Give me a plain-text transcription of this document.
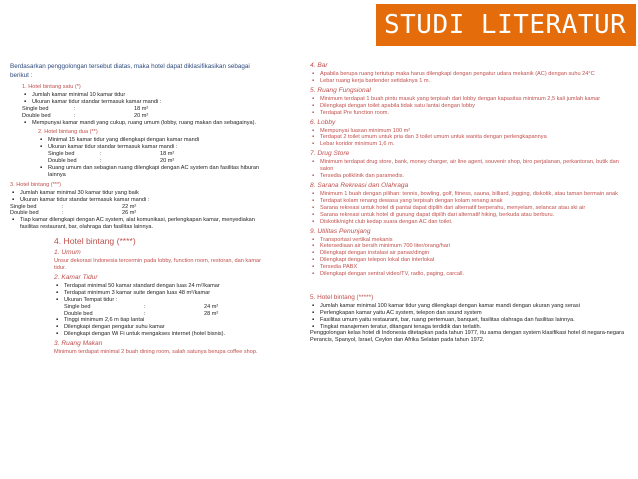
STUDI LITERATUR
Berdasarkan penggolongan tersebut diatas, maka hotel dapat diklasifikasikan sebagai berikut :
1. Hotel bintang satu (*)
▪ Jumlah kamar minimal 10 kamar tidur
▪ Ukuran kamar tidur standar termasuk kamar mandi :
Single bed	:	18 m²
Double bed	:	20 m²
▪ Mempunyai kamar mandi yang cukup, ruang umum (lobby, ruang makan dan sebagainya).
2. Hotel bintang dua (**)
▪ Minimal 15 kamar tidur yang dilengkapi dengan kamar mandi
▪ Ukuran kamar tidur standar termasuk kamar mandi :
Single bed	:	18 m²
Double bed	:	20 m²
▪ Ruang umum dan sebagian ruang dilengkapi dengan AC system dan fasilitas hiburan lainnya
3. Hotel bintang (***)
▪ Jumlah kamar minimal 30 kamar tidur yang baik
▪ Ukuran kamar tidur standar termasuk kamar mandi :
Single bed	:	22 m²
Double bed	:	26 m²
▪ Tiap kamar dilengkapi dengan AC system, alat komunikasi, perlengkapan kamar, menyediakan fasilitas restaurant, bar, olahraga dan fasilitas lainnya.
4. Hotel bintang (****)
1. Umum
Unsur dekorasi Indonesia tercermin pada lobby, function room, restoran, dan kamar tidur.
2. Kamar Tidur
▪ Terdapat minimal 50 kamar standard dengan luas 24 m²/kamar
▪ Terdapat minimum 3 kamar suite dengan luas 48 m²/kamar
▪ Ukuran Tempat tidur :
Single bed	:	24 m²
Double bed	:	28 m²
▪ Tinggi minimum 2,6 m tiap lantai
▪ Dilengkapi dengan pengatur suhu kamar
▪ Dilengkapi dengan Wi Fi untuk mengakses internet (hotel bisnis).
3. Ruang Makan
Minimum terdapat minimal 2 buah dining room, salah satunya berupa coffee shop.
4. Bar
▪ Apabila berupa ruang tertutup maka harus dilengkapi dengan pengatur udara mekanik (AC) dengan suhu 24°C
▪ Lebar ruang kerja bartender setidaknya 1 m.
5. Ruang Fungsional
▪ Minimum terdapat 1 buah pintu masuk yang terpisah dari lobby dengan kapasitas minimum 2,5 kali jumlah kamar
▪ Dilengkapi dengan toilet apabila tidak satu lantai dengan lobby
▪ Terdapat Pre function room.
6. Lobby
▪ Mempunyai luasan minimum 100 m²
▪ Terdapat 2 toilet umum untuk pria dan 3 toilet umum untuk wanita dengan perlengkapannya
▪ Lebar koridor minimum 1,6 m.
7. Drug Store
▪ Minimum terdapat drug store, bank, money charger, air line agent, souvenir shop, biro perjalanan, perkantoran, butik dan salon
▪ Tersedia poliklinik dan paramedis.
8. Sarana Rekreasi dan Olahraga
▪ Minimum 1 buah dengan pilihan: tennis, bowling, golf, fitness, sauna, billiard, jogging, diskotik, atau taman bermain anak
▪ Terdapat kolam renang dewasa yang terpisah dengan kolam renang anak
▪ Sarana rekreasi untuk hotel di pantai dapat dipilih dari alternatif berperahu, menyelam, selancar atau ski air
▪ Sarana rekreasi untuk hotel di gunung dapat dipilih dari alternatif hiking, berkuda atau berburu.
▪ Diskotik/night club kedap suara dengan AC dan toilet.
9. Utilitas Penunjang
▪ Transportasi vertikal mekanis
▪ Ketersediaan air bersih minimum 700 liter/orang/hari
▪ Dilengkapi dengan instalasi air panas/dingin
▪ Dilengkapi dengan telepon lokal dan interlokal
▪ Tersedia PABX
▪ Dilengkapi dengan sentral video/TV, radio, paging, carcall.
5. Hotel bintang (*****)
▪ Jumlah kamar minimal 100 kamar tidur yang dilengkapi dengan kamar mandi dengan ukuran yang serasi
▪ Perlengkapan kamar yaitu AC system, telepon dan sound system
▪ Fasilitas umum yaitu restaurant, bar, ruang pertemuan, banquet, fasilitas olahraga dan fasilitas lainnya.
▪ Tingkat manajemen teratur, ditangani tenaga terdidik dan terlatih.
Penggolongan kelas hotel di Indonesia ditetapkan pada tahun 1977, itu sama dengan system klasifikasi hotel di negara-negara Perancis, Spanyol, Israel, Ceylon dan Afrika Selatan pada tahun 1972.
